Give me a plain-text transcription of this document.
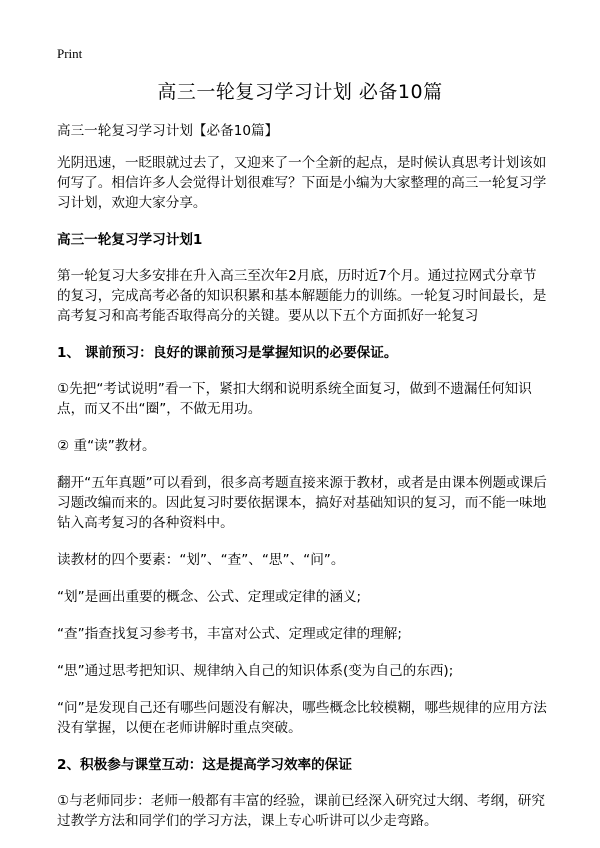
Print
高三一轮复习学习计划 必备10篇

高三一轮复习学习计划【必备10篇】

光阴迅速，一眨眼就过去了，又迎来了一个全新的起点，是时候认真思考计划该如何写了。相信许多人会觉得计划很难写？下面是小编为大家整理的高三一轮复习学习计划，欢迎大家分享。

高三一轮复习学习计划1

第一轮复习大多安排在升入高三至次年2月底，历时近7个月。通过拉网式分章节的复习，完成高考必备的知识积累和基本解题能力的训练。一轮复习时间最长，是高考复习和高考能否取得高分的关键。要从以下五个方面抓好一轮复习

1、 课前预习：良好的课前预习是掌握知识的必要保证。

①先把“考试说明”看一下，紧扣大纲和说明系统全面复习，做到不遗漏任何知识点，而又不出“圈”，不做无用功。

② 重“读”教材。

翻开“五年真题”可以看到，很多高考题直接来源于教材，或者是由课本例题或课后习题改编而来的。因此复习时要依据课本，搞好对基础知识的复习，而不能一味地钻入高考复习的各种资料中。

读教材的四个要素：“划”、“查”、“思”、“问”。

“划”是画出重要的概念、公式、定理或定律的涵义;

“查”指查找复习参考书，丰富对公式、定理或定律的理解;

“思”通过思考把知识、规律纳入自己的知识体系(变为自己的东西);

“问”是发现自己还有哪些问题没有解决，哪些概念比较模糊，哪些规律的应用方法没有掌握，以便在老师讲解时重点突破。

2、积极参与课堂互动：这是提高学习效率的保证

①与老师同步：老师一般都有丰富的经验，课前已经深入研究过大纲、考纲，研究过教学方法和同学们的学习方法，课上专心听讲可以少走弯路。
